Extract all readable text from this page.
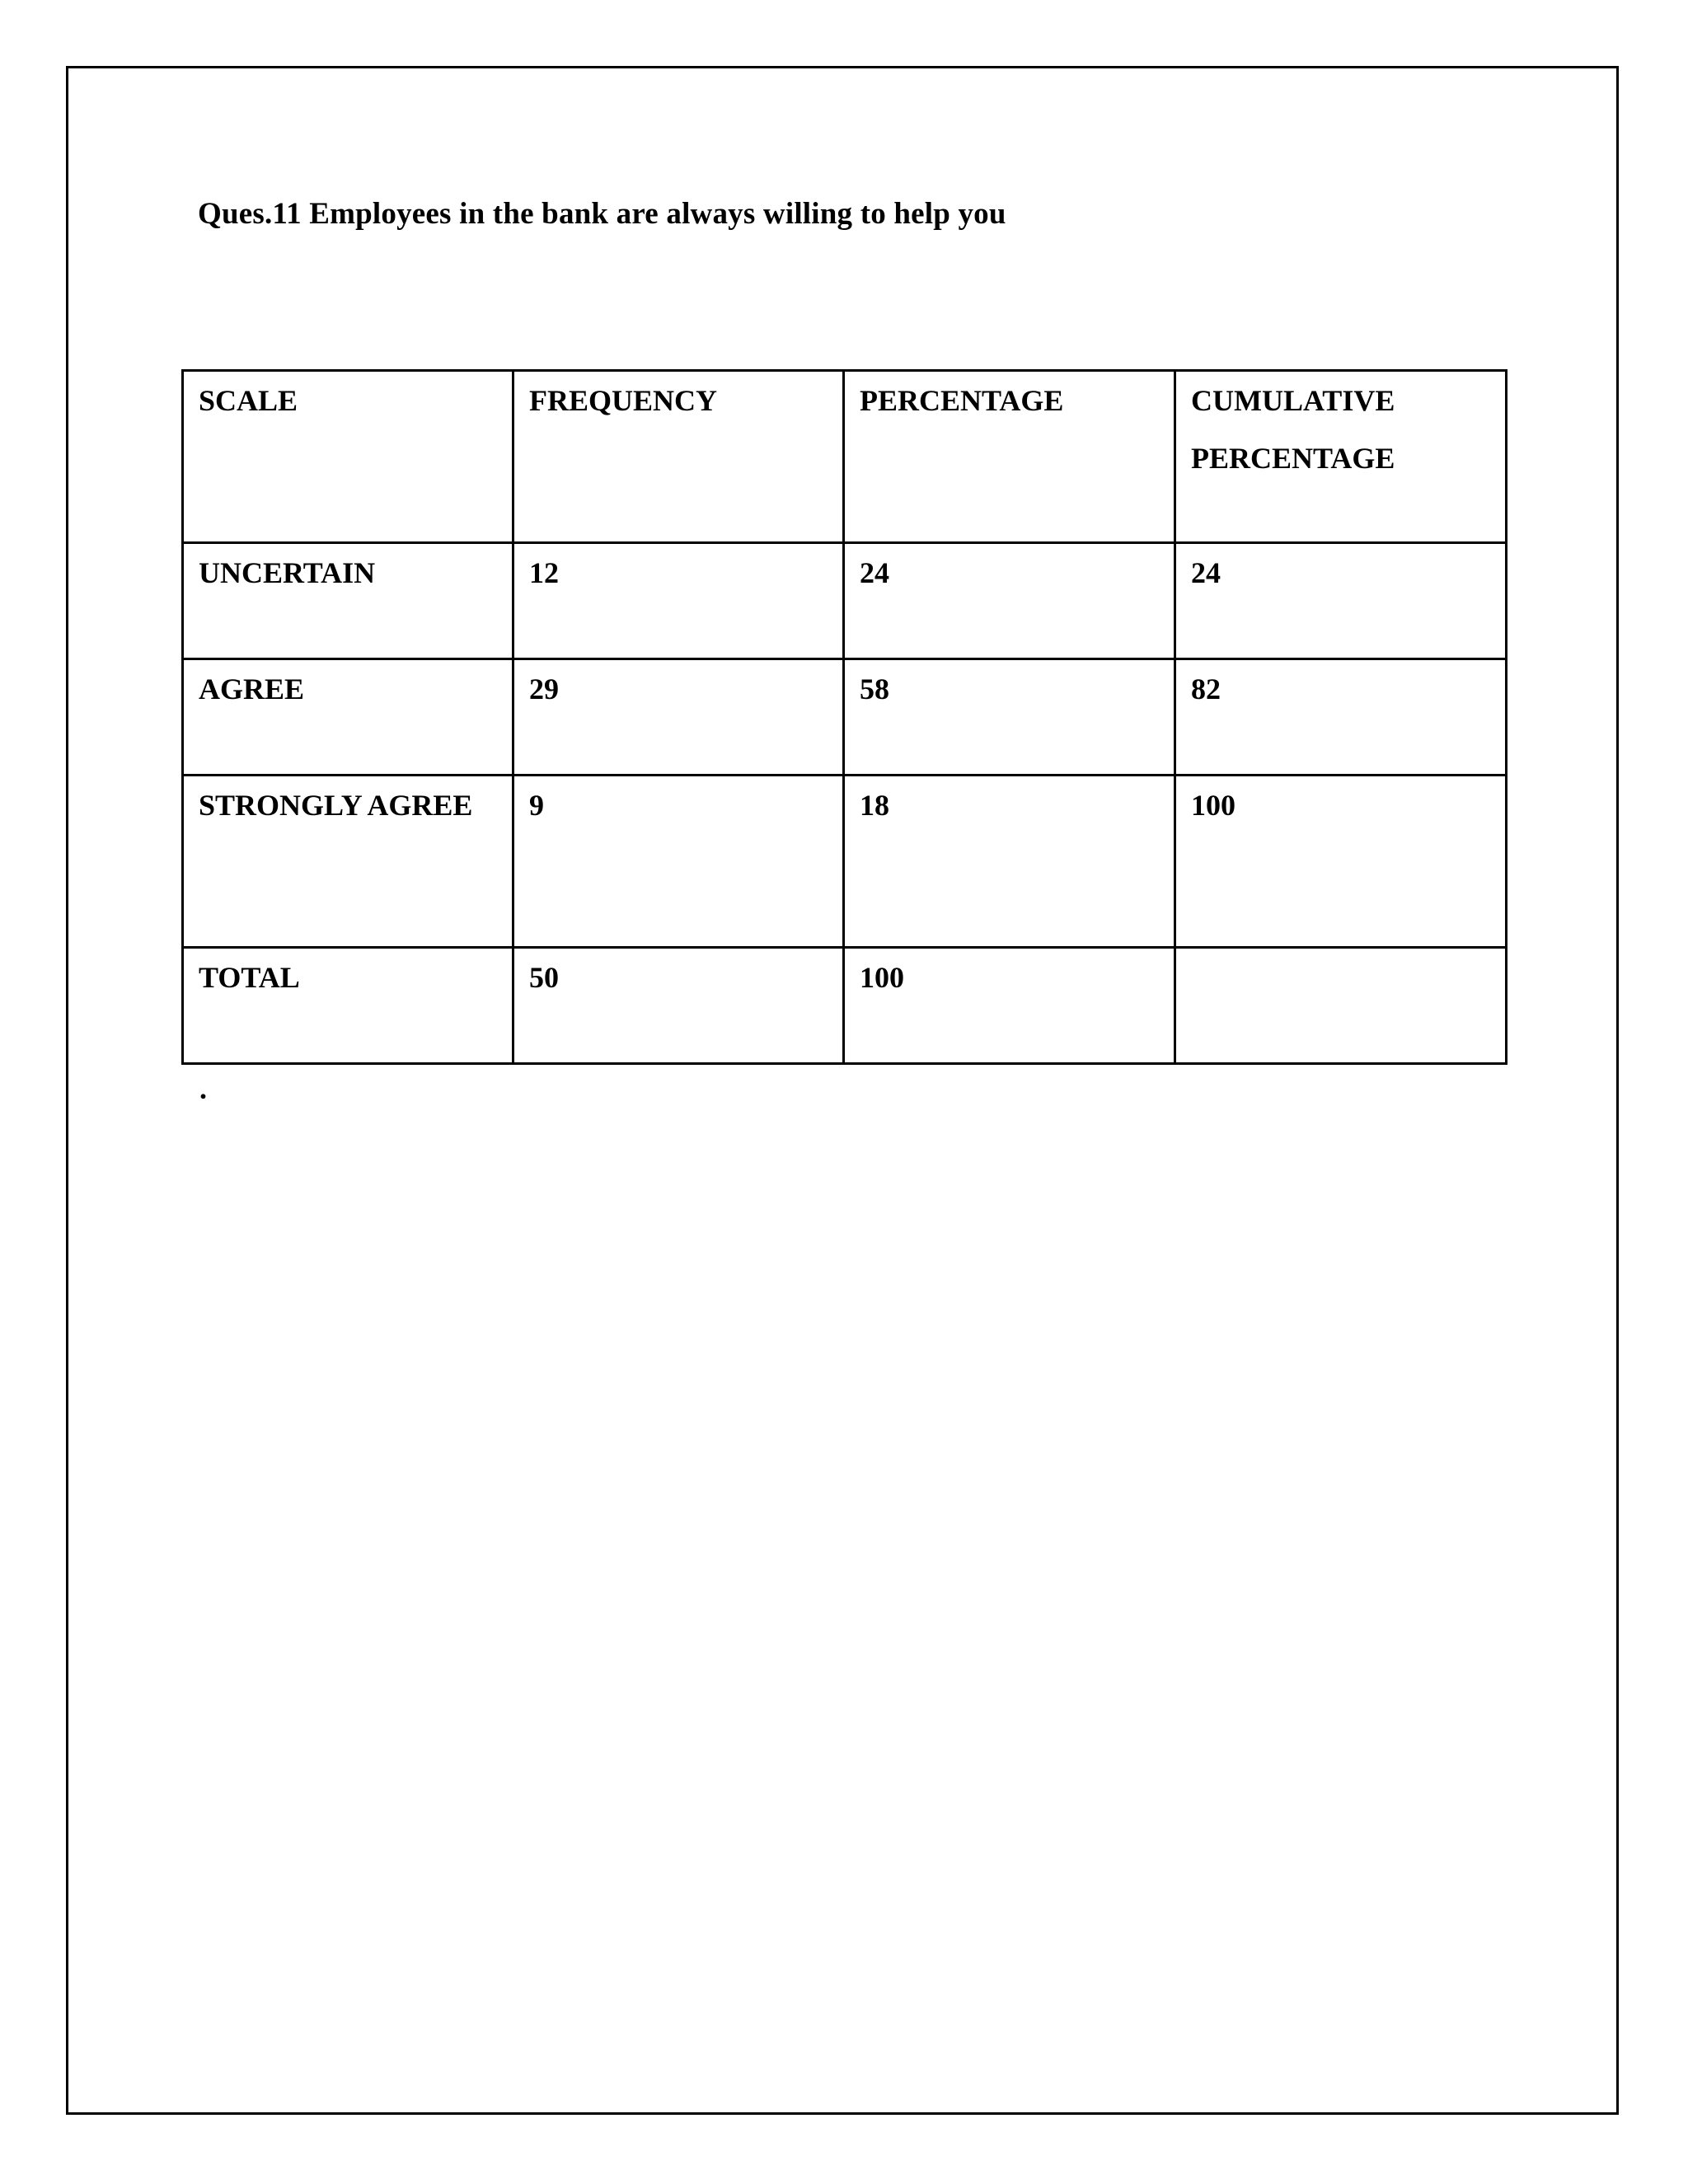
Ques.11 Employees in the bank are always willing to help you
SCALE	FREQUENCY	PERCENTAGE	CUMULATIVE PERCENTAGE

UNCERTAIN	12	24	24

AGREE	29	58	82

STRONGLY AGREE	9	18	100

TOTAL	50	100	

.
